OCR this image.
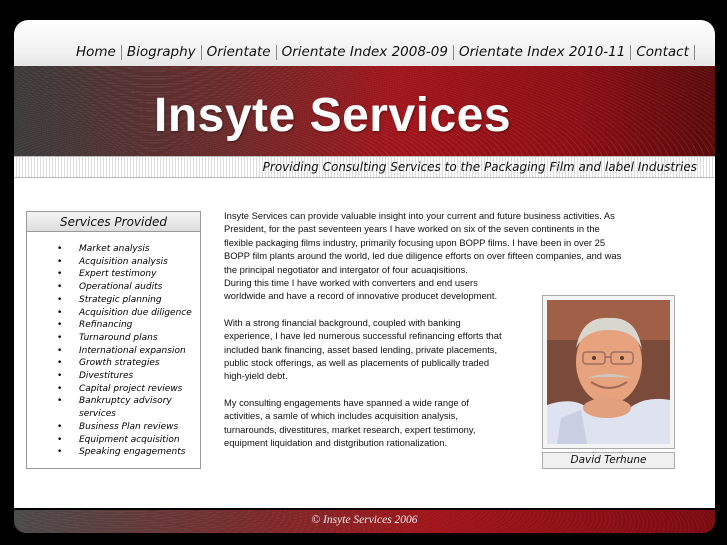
Home Biography Orientate Orientate Index 2008-09 Orientate Index 2010-11 Contact
Insyte Services
Providing Consulting Services to the Packaging Film and label Industries
Services Provided
• Market analysis
• Acquisition analysis
• Expert testimony
• Operational audits
• Strategic planning
• Acquisition due diligence
• Refinancing
• Turnaround plans
• International expansion
• Growth strategies
• Divestitures
• Capital project reviews
• Bankruptcy advisory services
• Business Plan reviews
• Equipment acquisition
• Speaking engagements

Insyte Services can provide valuable insight into your current and future business activities. As President, for the past seventeen years I have worked on six of the seven continents in the flexible packaging films industry, primarily focusing upon BOPP films. I have been in over 25 BOPP film plants around the world, led due diligence efforts on over fifteen companies, and was the principal negotiator and intergator of four acuaqisitions.

During this time I have worked with converters and end users worldwide and have a record of innovative producet development.

With a strong financial background, coupled with banking experience, I have led numerous successful refinancing efforts that included bank financing, asset based lending, private placements, public stock offerings, as well as placements of publically traded high-yield debt.

My consulting engagements have spanned a wide range of activities, a samle of which includes acquisition analysis, turnarounds, divestitures, market research, expert testimony, equipment liquidation and distgribution rationalization.

David Terhune
© Insyte Services 2006
